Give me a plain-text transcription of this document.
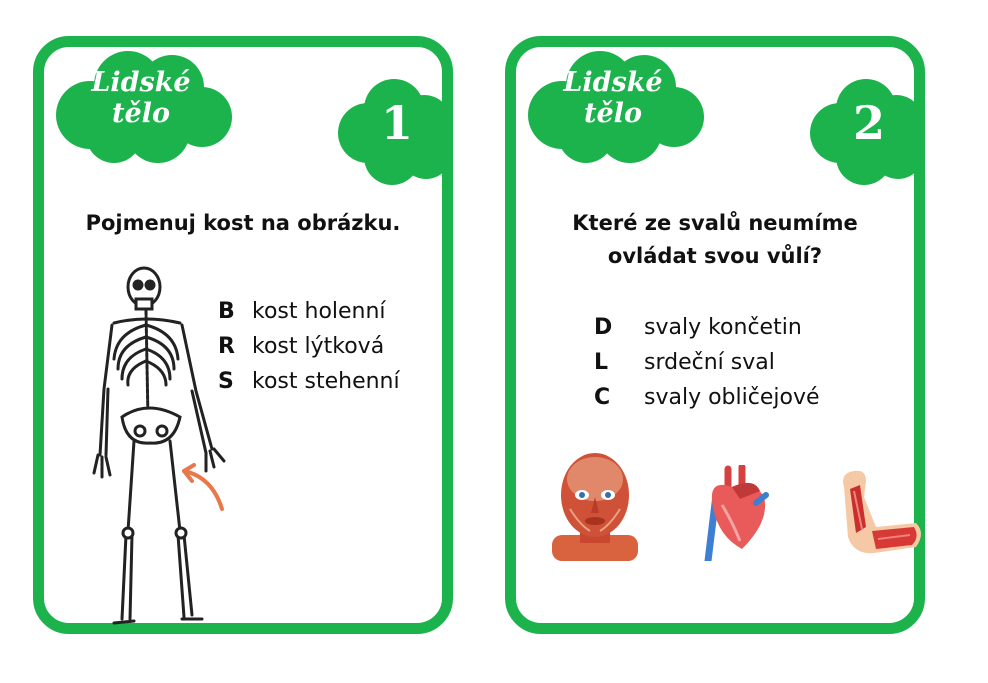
Lidské
tělo	1
Pojmenuj kost na obrázku.
B kost holenní
R kost lýtková
S kost stehenní
Lidské
tělo	2
Které ze svalů neumíme
ovládat svou vůlí?
D svaly končetin
L srdeční sval
C svaly obličejové
